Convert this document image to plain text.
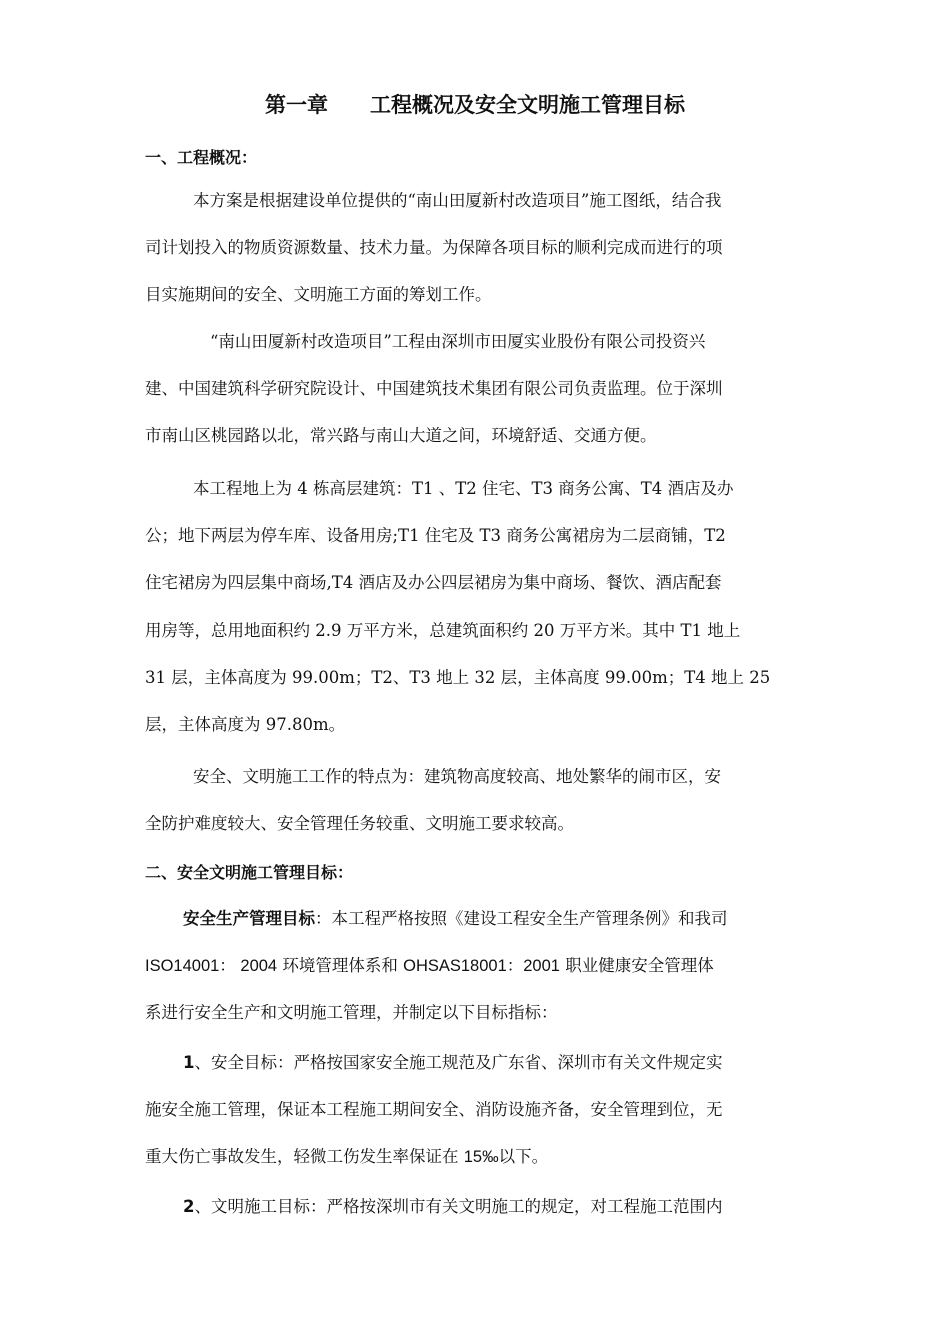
第一章　　工程概况及安全文明施工管理目标
一、工程概况：
本方案是根据建设单位提供的“南山田厦新村改造项目”施工图纸，结合我
司计划投入的物质资源数量、技术力量。为保障各项目标的顺利完成而进行的项
目实施期间的安全、文明施工方面的筹划工作。
“南山田厦新村改造项目”工程由深圳市田厦实业股份有限公司投资兴
建、中国建筑科学研究院设计、中国建筑技术集团有限公司负责监理。位于深圳
市南山区桃园路以北，常兴路与南山大道之间，环境舒适、交通方便。
本工程地上为 4 栋高层建筑：T1 、T2 住宅、T3 商务公寓、T4 酒店及办
公；地下两层为停车库、设备用房;T1 住宅及 T3 商务公寓裙房为二层商铺，T2
住宅裙房为四层集中商场,T4 酒店及办公四层裙房为集中商场、餐饮、酒店配套
用房等，总用地面积约 2.9 万平方米，总建筑面积约 20 万平方米。其中 T1 地上
31 层，主体高度为 99.00m；T2、T3 地上 32 层，主体高度 99.00m；T4 地上 25
层，主体高度为 97.80m。
安全、文明施工工作的特点为：建筑物高度较高、地处繁华的闹市区，安
全防护难度较大、安全管理任务较重、文明施工要求较高。
二、安全文明施工管理目标：
安全生产管理目标：本工程严格按照《建设工程安全生产管理条例》和我司
ISO14001： 2004 环境管理体系和 OHSAS18001：2001 职业健康安全管理体
系进行安全生产和文明施工管理，并制定以下目标指标：
1、安全目标：严格按国家安全施工规范及广东省、深圳市有关文件规定实
施安全施工管理，保证本工程施工期间安全、消防设施齐备，安全管理到位，无
重大伤亡事故发生，轻微工伤发生率保证在 15‰以下。
2、文明施工目标：严格按深圳市有关文明施工的规定，对工程施工范围内
